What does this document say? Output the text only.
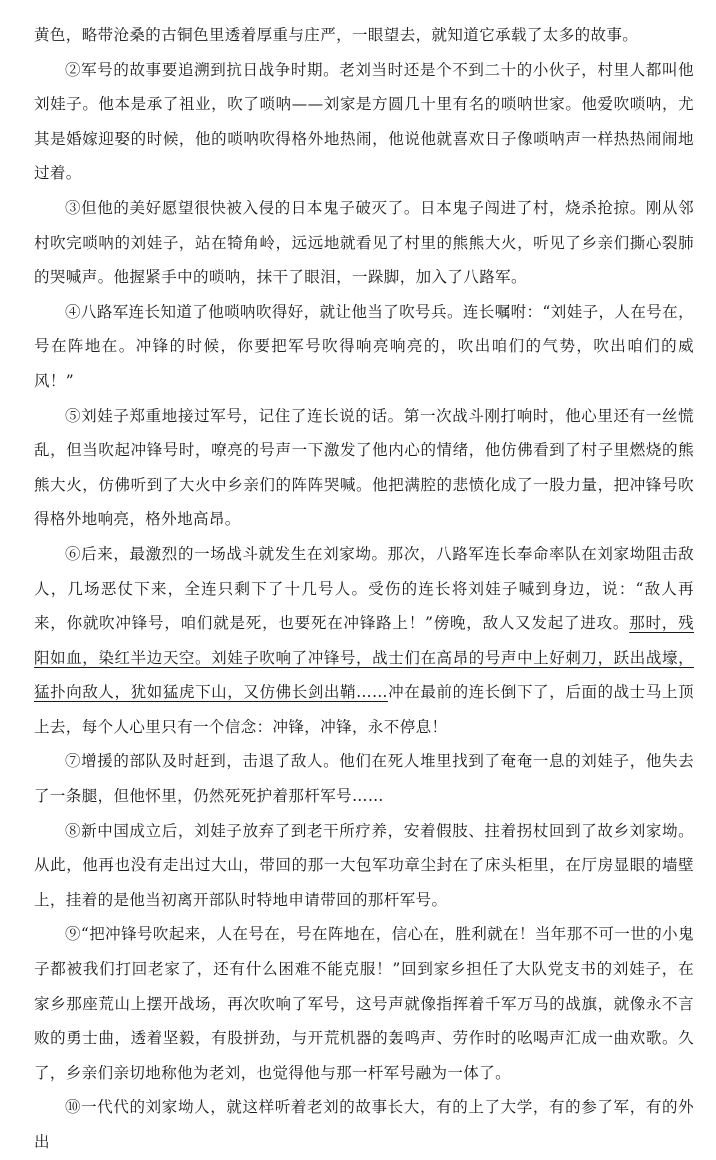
黄色，略带沧桑的古铜色里透着厚重与庄严，一眼望去，就知道它承载了太多的故事。

②军号的故事要追溯到抗日战争时期。老刘当时还是个不到二十的小伙子，村里人都叫他刘娃子。他本是承了祖业，吹了唢呐——刘家是方圆几十里有名的唢呐世家。他爱吹唢呐，尤其是婚嫁迎娶的时候，他的唢呐吹得格外地热闹，他说他就喜欢日子像唢呐声一样热热闹闹地过着。

③但他的美好愿望很快被入侵的日本鬼子破灭了。日本鬼子闯进了村，烧杀抢掠。刚从邻村吹完唢呐的刘娃子，站在犄角岭，远远地就看见了村里的熊熊大火，听见了乡亲们撕心裂肺的哭喊声。他握紧手中的唢呐，抹干了眼泪，一跺脚，加入了八路军。

④八路军连长知道了他唢呐吹得好，就让他当了吹号兵。连长嘱咐：“刘娃子，人在号在，号在阵地在。冲锋的时候，你要把军号吹得响亮响亮的，吹出咱们的气势，吹出咱们的威风！”

⑤刘娃子郑重地接过军号，记住了连长说的话。第一次战斗刚打响时，他心里还有一丝慌乱，但当吹起冲锋号时，嘹亮的号声一下激发了他内心的情绪，他仿佛看到了村子里燃烧的熊熊大火，仿佛听到了大火中乡亲们的阵阵哭喊。他把满腔的悲愤化成了一股力量，把冲锋号吹得格外地响亮，格外地高昂。

⑥后来，最激烈的一场战斗就发生在刘家坳。那次，八路军连长奉命率队在刘家坳阻击敌人，几场恶仗下来，全连只剩下了十几号人。受伤的连长将刘娃子喊到身边，说：“敌人再来，你就吹冲锋号，咱们就是死，也要死在冲锋路上！”傍晚，敌人又发起了进攻。那时，残阳如血，染红半边天空。刘娃子吹响了冲锋号，战士们在高昂的号声中上好刺刀，跃出战壕，猛扑向敌人，犹如猛虎下山，又仿佛长剑出鞘……冲在最前的连长倒下了，后面的战士马上顶上去，每个人心里只有一个信念：冲锋，冲锋，永不停息！

⑦增援的部队及时赶到，击退了敌人。他们在死人堆里找到了奄奄一息的刘娃子，他失去了一条腿，但他怀里，仍然死死护着那杆军号……

⑧新中国成立后，刘娃子放弃了到老干所疗养，安着假肢、拄着拐杖回到了故乡刘家坳。从此，他再也没有走出过大山，带回的那一大包军功章尘封在了床头柜里，在厅房显眼的墙壁上，挂着的是他当初离开部队时特地申请带回的那杆军号。

⑨“把冲锋号吹起来，人在号在，号在阵地在，信心在，胜利就在！当年那不可一世的小鬼子都被我们打回老家了，还有什么困难不能克服！”回到家乡担任了大队党支书的刘娃子，在家乡那座荒山上摆开战场，再次吹响了军号，这号声就像指挥着千军万马的战旗，就像永不言败的勇士曲，透着坚毅，有股拼劲，与开荒机器的轰鸣声、劳作时的吆喝声汇成一曲欢歌。久了，乡亲们亲切地称他为老刘，也觉得他与那一杆军号融为一体了。

⑩一代代的刘家坳人，就这样听着老刘的故事长大，有的上了大学，有的参了军，有的外出
